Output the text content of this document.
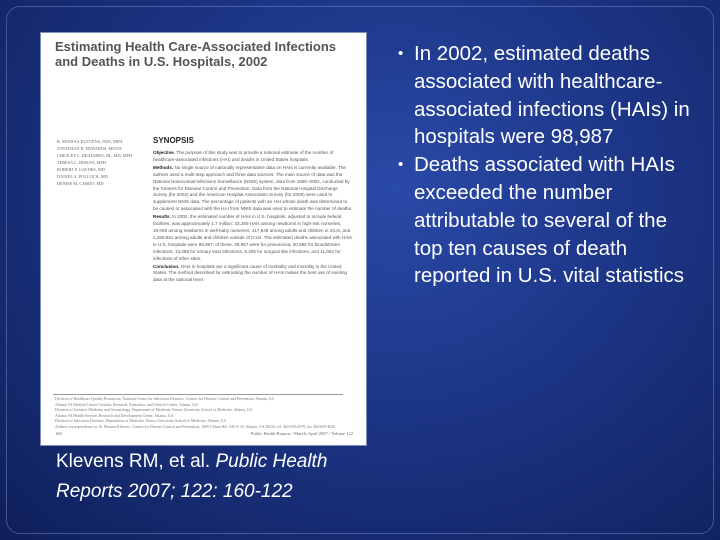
Estimating Health Care-Associated Infections and Deaths in U.S. Hospitals, 2002
R. MONINA KLEVENS, DDS, MPH
JONATHAN R. EDWARDS, MSTAT
CHESLEY L. RICHARDS, JR., MD, MPH
TERESA C. HORAN, MPH
ROBERT P. GAYNES, MD
DANIEL A. POLLOCK, MD
DENISE M. CARDO, MD
SYNOPSIS

Objective. The purpose of this study was to provide a national estimate of the number of healthcare-associated infections (HAI) and deaths in United States hospitals.

Methods. No single source of nationally representative data on HAIs is currently available. The authors used a multi-step approach and three data sources. The main source of data was the National Nosocomial Infections Surveillance (NNIS) system, data from 1990–2002, conducted by the Centers for Disease Control and Prevention. Data from the National Hospital Discharge Survey (for 2002) and the American Hospital Association Survey (for 2000) were used to supplement NNIS data. The percentage of patients with an HAI whose death was determined to be caused or associated with the HAI from NNIS data was used to estimate the number of deaths.

Results. In 2002, the estimated number of HAIs in U.S. hospitals, adjusted to include federal facilities, was approximately 1.7 million: 33,269 HAIs among newborns in high-risk nurseries, 19,059 among newborns in well-baby nurseries, 417,946 among adults and children in ICUs, and 1,266,851 among adults and children outside of ICUs. The estimated deaths associated with HAIs in U.S. hospitals were 98,987: of these, 35,967 were for pneumonia, 30,665 for bloodstream infections, 13,088 for urinary tract infections, 8,205 for surgical site infections, and 11,062 for infections of other sites.

Conclusion. HAIs in hospitals are a significant cause of morbidity and mortality in the United States. The method described for estimating the number of HAIs makes the best use of existing data at the national level.

Division of Healthcare Quality Promotion, National Center for Infectious Diseases, Centers for Disease Control and Prevention, Atlanta, GA
Atlanta VA Medical Center Geriatric Research, Education, and Clinical Center, Atlanta, GA
Division of Geriatric Medicine and Gerontology, Department of Medicine, Emory University School of Medicine, Atlanta, GA
Atlanta VA Health Services Research and Development Center, Atlanta, GA
Division of Infectious Diseases, Department of Medicine, Emory University School of Medicine, Atlanta, GA
Address correspondence to: R. Monina Klevens, Centers for Disease Control and Prevention, 1600 Clifton Rd., MS A-35, Atlanta, GA 30333; tel. 404-639-4378; fax 404-639-4045.
160	Public Health Reports / March–April 2007 / Volume 122
Klevens RM, et al. Public Health Reports 2007; 122: 160-122
• In 2002, estimated deaths associated with healthcare-associated infections (HAIs) in hospitals were 98,987
• Deaths associated with HAIs exceeded the number attributable to several of the top ten causes of death reported in U.S. vital statistics
